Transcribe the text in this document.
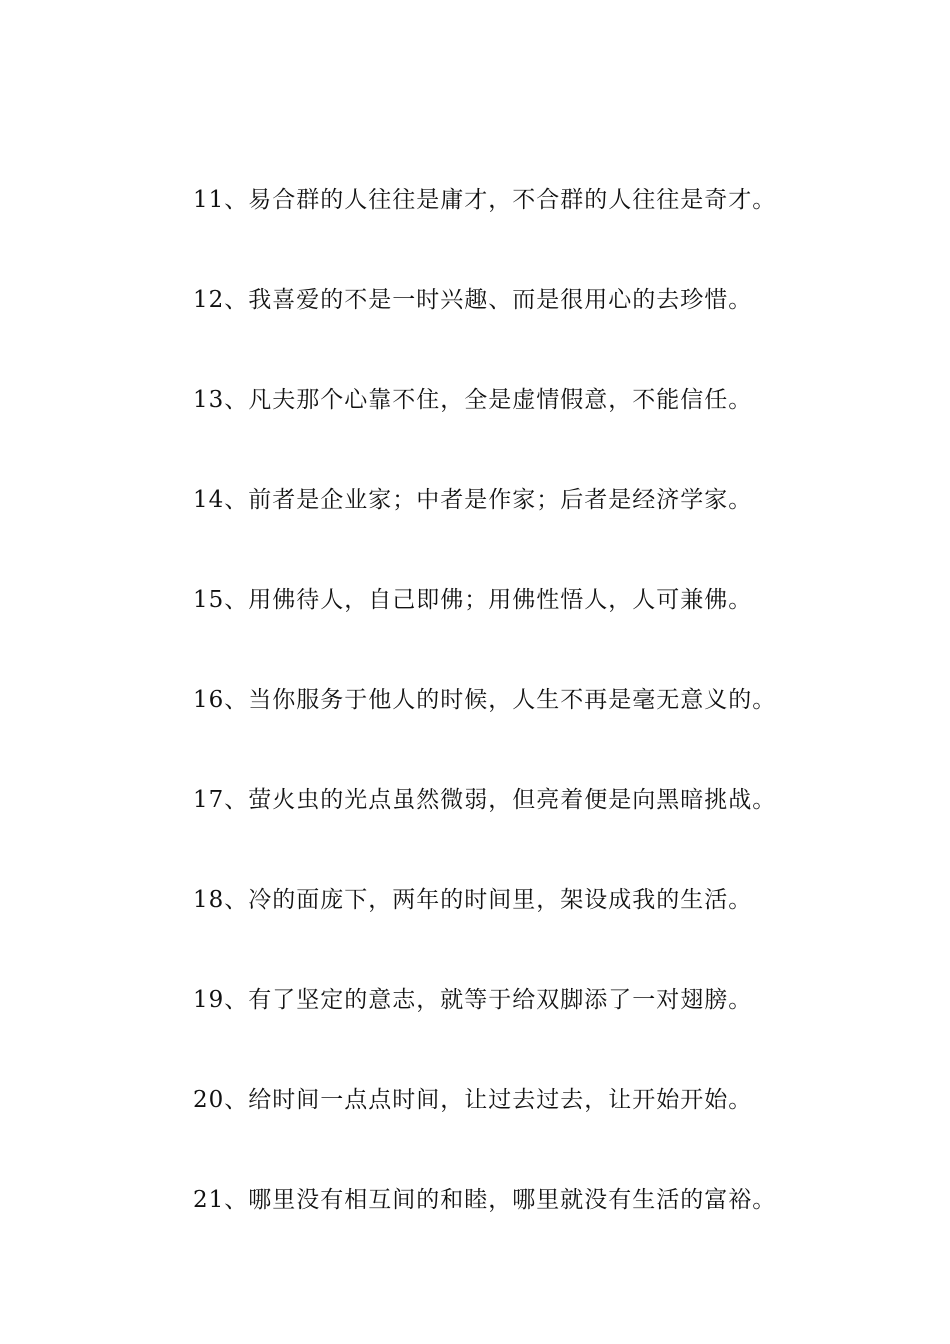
11、易合群的人往往是庸才，不合群的人往往是奇才。
12、我喜爱的不是一时兴趣、而是很用心的去珍惜。
13、凡夫那个心靠不住，全是虚情假意，不能信任。
14、前者是企业家；中者是作家；后者是经济学家。
15、用佛待人，自己即佛；用佛性悟人，人可兼佛。
16、当你服务于他人的时候，人生不再是毫无意义的。
17、萤火虫的光点虽然微弱，但亮着便是向黑暗挑战。
18、冷的面庞下，两年的时间里，架设成我的生活。
19、有了坚定的意志，就等于给双脚添了一对翅膀。
20、给时间一点点时间，让过去过去，让开始开始。
21、哪里没有相互间的和睦，哪里就没有生活的富裕。
